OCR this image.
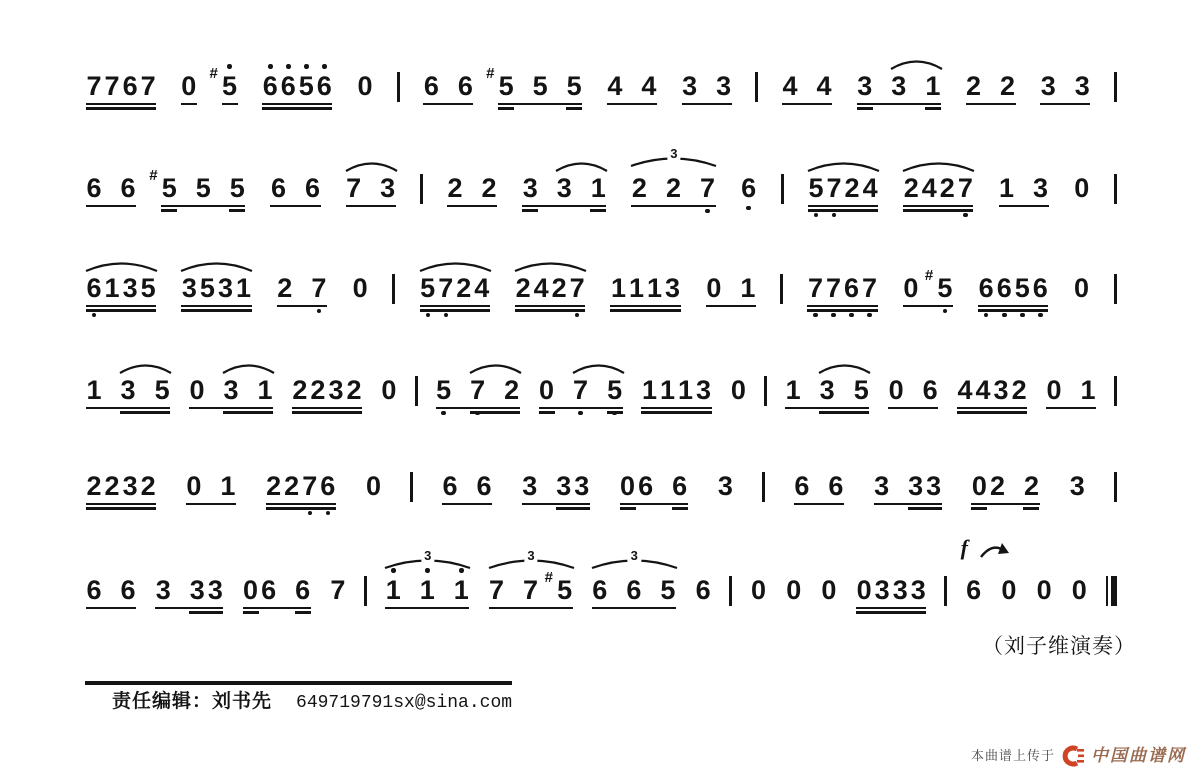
7 7 6 7 0 5
# 6 6 5 6 0 6 6 5
# 5 5 4 4 3 3 4 4 3 3 1 2 2 3 3
6 6 5
# 5 5 6 6 7 3 2 2 3 3 1 2 2 7
3
6 5 7 2 4 2 4 2 7 1 3 0
6 1 3 5 3 5 3 1 2 7 0 5 7 2 4 2 4 2 7 1 1 1 3 0 1 7 7 6 7 0 5
# 6 6 5 6 0
1 3 5 0 3 1 2 2 3 2 0 5 7 2 0 7 5 1 1 1 3 0 1 3 5 0 6 4 4 3 2 0 1
2 2 3 2 0 1 2 2 7 6 0 6 6 3 3 3 0 6 6 3 6 6 3 3 3 0 2 2 3
6 6 3 3 3 0 6 6 7 1 1 1
3
7 7 5
#
3
6 6 5
3
6 0 0 0 0 3 3 3 6
f
0 0 0
（刘子维演奏）
责任编辑：刘书先 649719791sx@sina.com
本曲谱上传于 中国曲谱网
